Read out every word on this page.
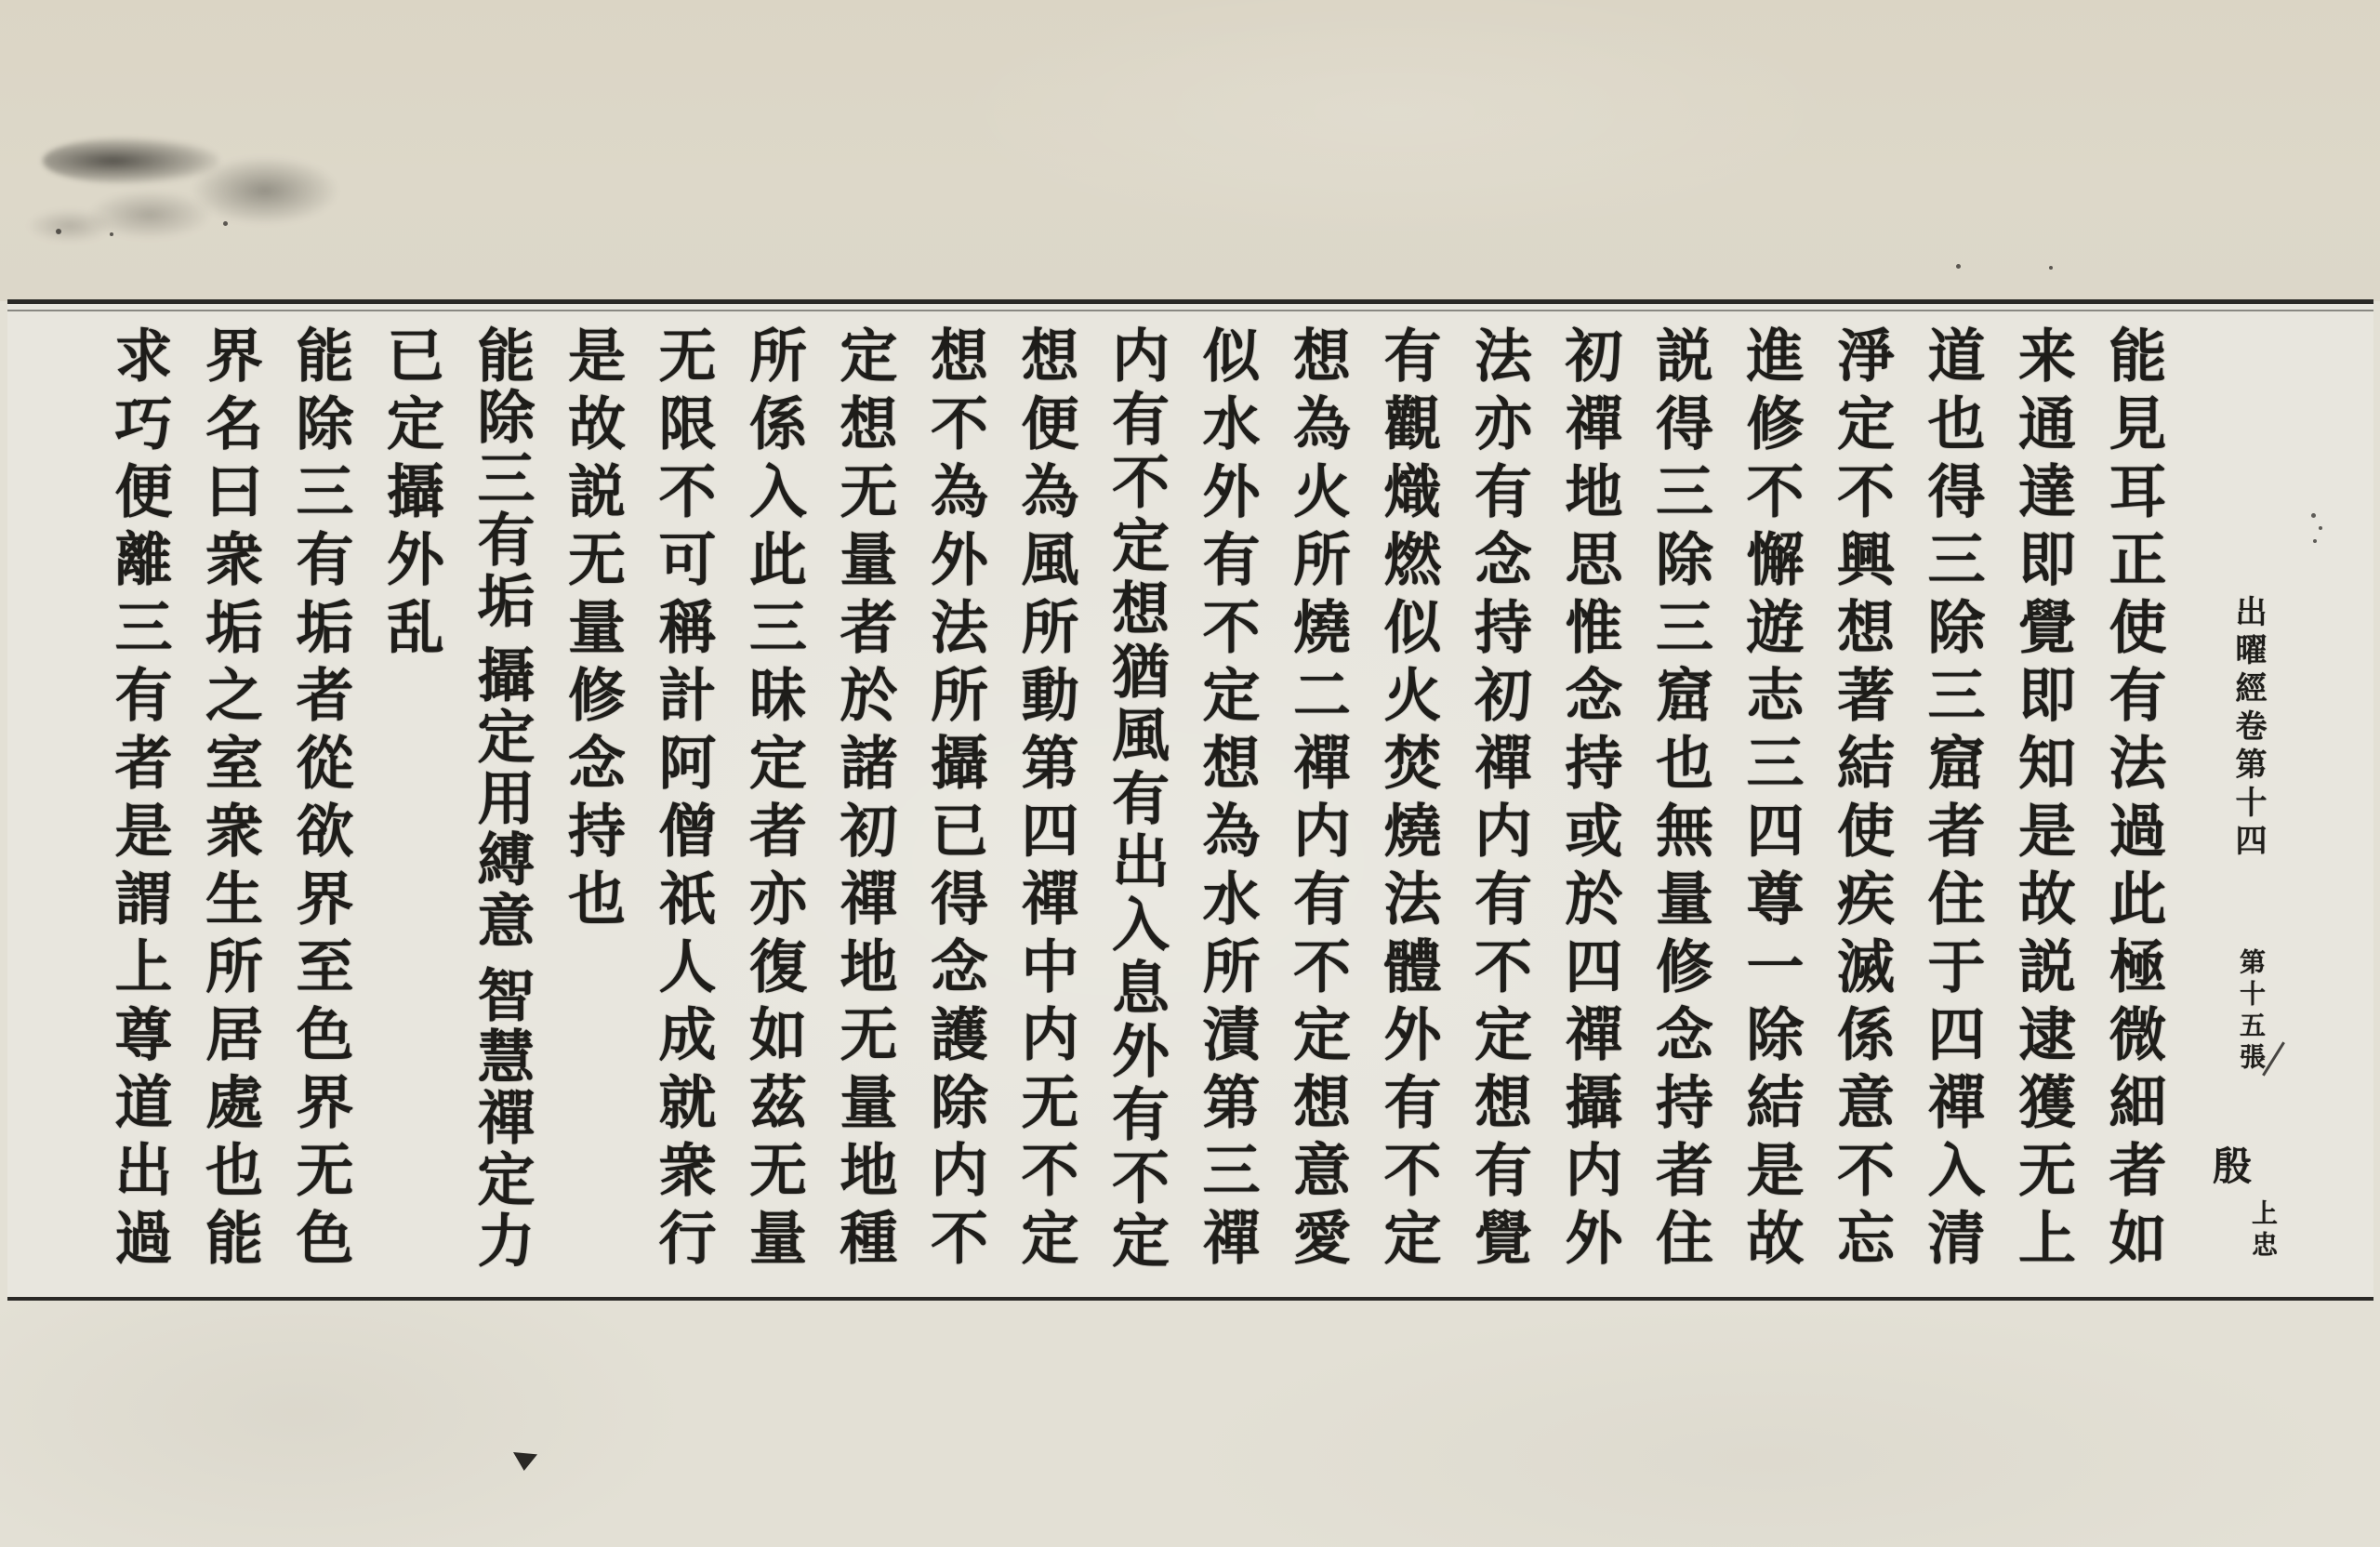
出曜經卷第十四
第十五張
殷
上忠
能見耳正使有法過此極微細者如
来通達即覺即知是故説逮獲无上
道也得三除三窟者住于四禪入清
淨定不興想著結使疾滅係意不忘
進修不懈遊志三四尊一除結是故
説得三除三窟也無量修念持者住
初禪地思惟念持或於四禪攝内外
法亦有念持初禪内有不定想有覺
有觀熾燃似火焚燒法體外有不定
想為火所燒二禪内有不定想意愛
似水外有不定想為水所漬第三禪
内有不定想猶風有出入息外有不定
想便為風所動第四禪中内无不定
想不為外法所攝已得念護除内不
定想无量者於諸初禪地无量地種
所係入此三昧定者亦復如茲无量
无限不可稱計阿僧祇人成就衆行
是故説无量修念持也
能除三有垢
攝定用縛意
智慧禪定力
已定攝外乱
能除三有垢者從欲界至色界无色
界名曰衆垢之室衆生所居處也能
求巧便離三有者是謂上尊道出過
